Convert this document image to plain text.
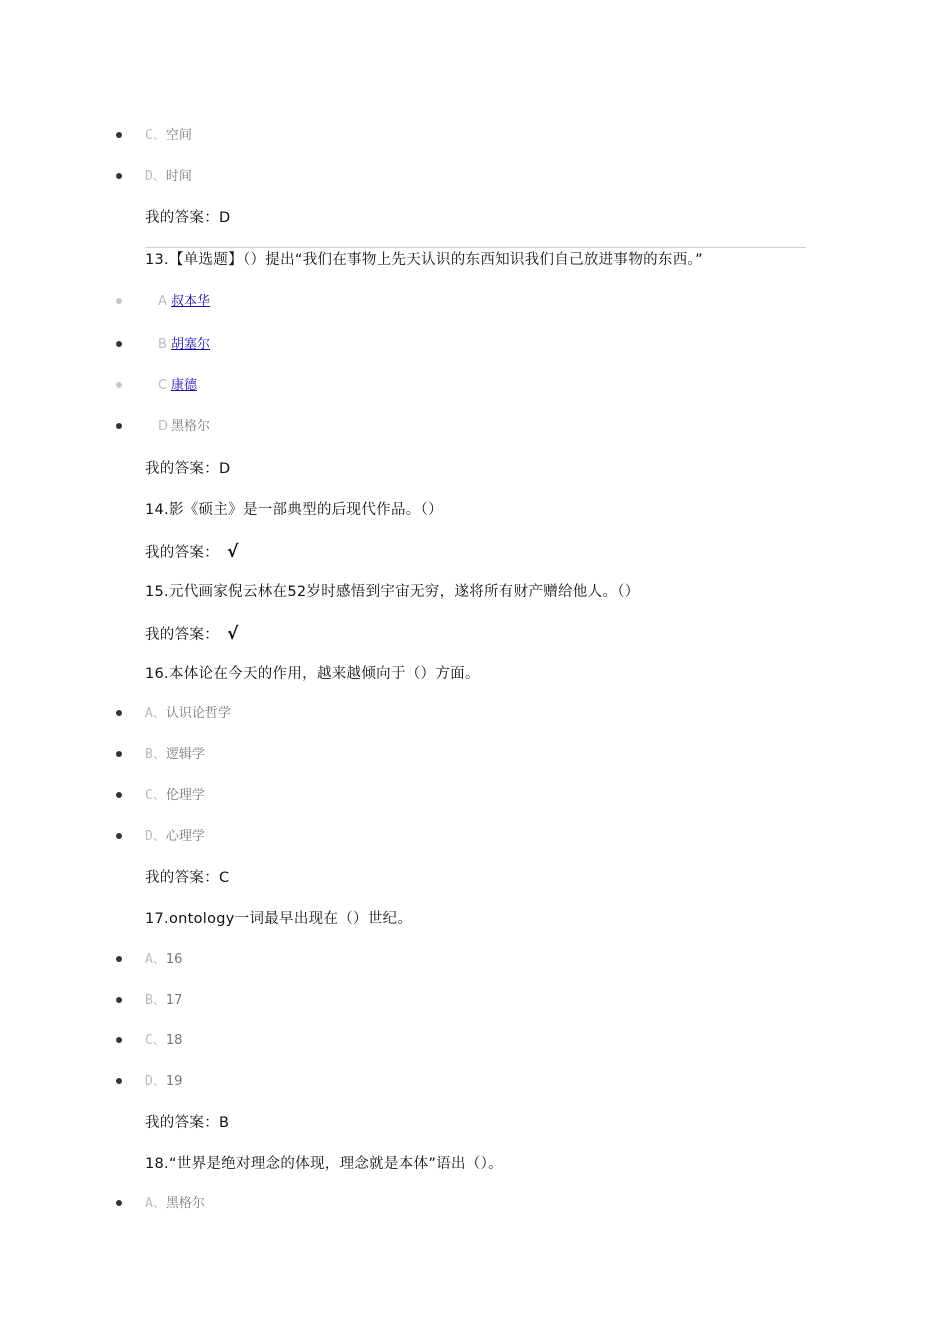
C、空间
D、时间
我的答案：D
13.【单选题】（）提出“我们在事物上先天认识的东西知识我们自己放进事物的东西。”
A 叔本华
B 胡塞尔
C 康德
D 黑格尔
我的答案：D
14.影《硕主》是一部典型的后现代作品。（）
我的答案： √
15.元代画家倪云林在52岁时感悟到宇宙无穷，遂将所有财产赠给他人。（）
我的答案： √
16.本体论在今天的作用，越来越倾向于（）方面。
A、认识论哲学
B、逻辑学
C、伦理学
D、心理学
我的答案：C
17.ontology一词最早出现在（）世纪。
A、16
B、17
C、18
D、19
我的答案：B
18.“世界是绝对理念的体现，理念就是本体”语出（）。
A、黑格尔
